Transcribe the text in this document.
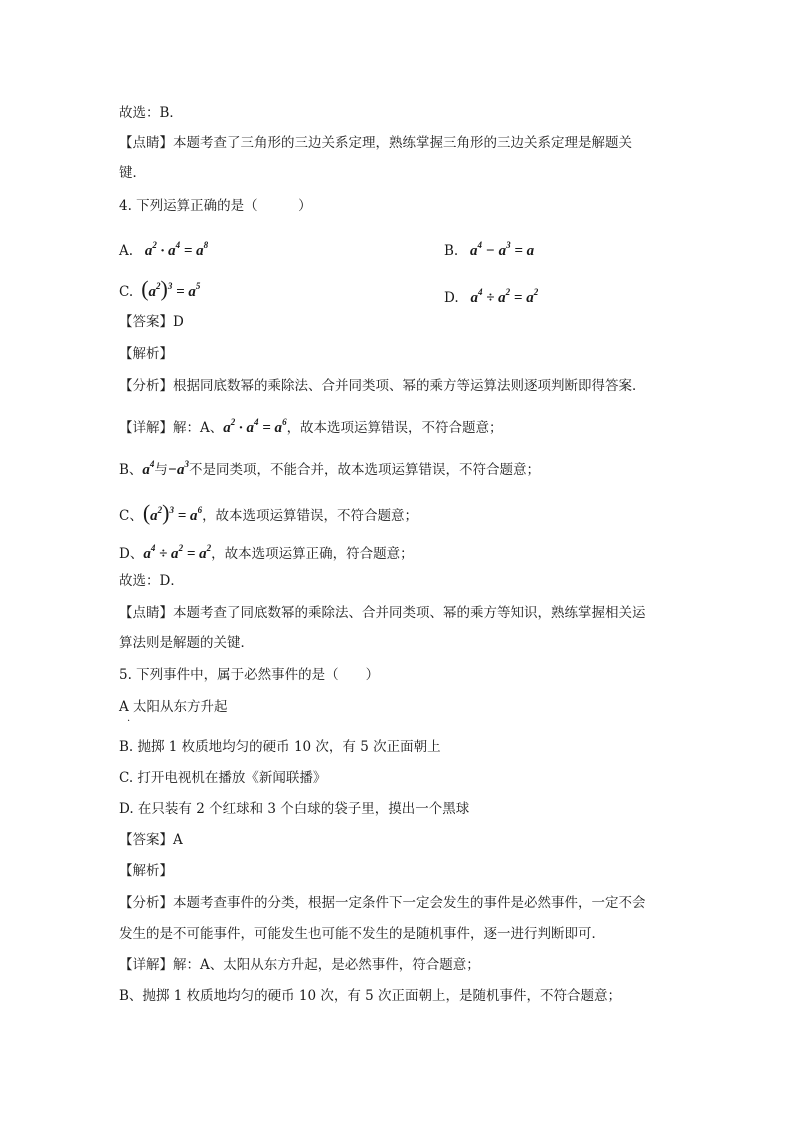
故选：B．
【点睛】本题考查了三角形的三边关系定理，熟练掌握三角形的三边关系定理是解题关
键．
4. 下列运算正确的是（　　　）
A.   $a^2 \cdot a^4 = a^8$	B.   $a^4 - a^3 = a$
C. $(a^2)^3 = a^5$
D.   $a^4 \div a^2 = a^2$
【答案】D
【解析】
【分析】根据同底数幂的乘除法、合并同类项、幂的乘方等运算法则逐项判断即得答案．
【详解】解：A、$a^2 \cdot a^4 = a^6$，故本选项运算错误，不符合题意；
B、$a^4$与$-a^3$不是同类项，不能合并，故本选项运算错误，不符合题意；
C、$(a^2)^3 = a^6$，故本选项运算错误，不符合题意；
D、$a^4 \div a^2 = a^2$，故本选项运算正确，符合题意；
故选：D．
【点睛】本题考查了同底数幂的乘除法、合并同类项、幂的乘方等知识，熟练掌握相关运
算法则是解题的关键．
5. 下列事件中，属于必然事件的是（　　）
A 太阳从东方升起
.
B. 抛掷 1 枚质地均匀的硬币 10 次，有 5 次正面朝上
C. 打开电视机在播放《新闻联播》
D. 在只装有 2 个红球和 3 个白球的袋子里，摸出一个黑球
【答案】A
【解析】
【分析】本题考查事件的分类，根据一定条件下一定会发生的事件是必然事件，一定不会
发生的是不可能事件，可能发生也可能不发生的是随机事件，逐一进行判断即可．
【详解】解：A、太阳从东方升起，是必然事件，符合题意；
B、抛掷 1 枚质地均匀的硬币 10 次，有 5 次正面朝上，是随机事件，不符合题意；
